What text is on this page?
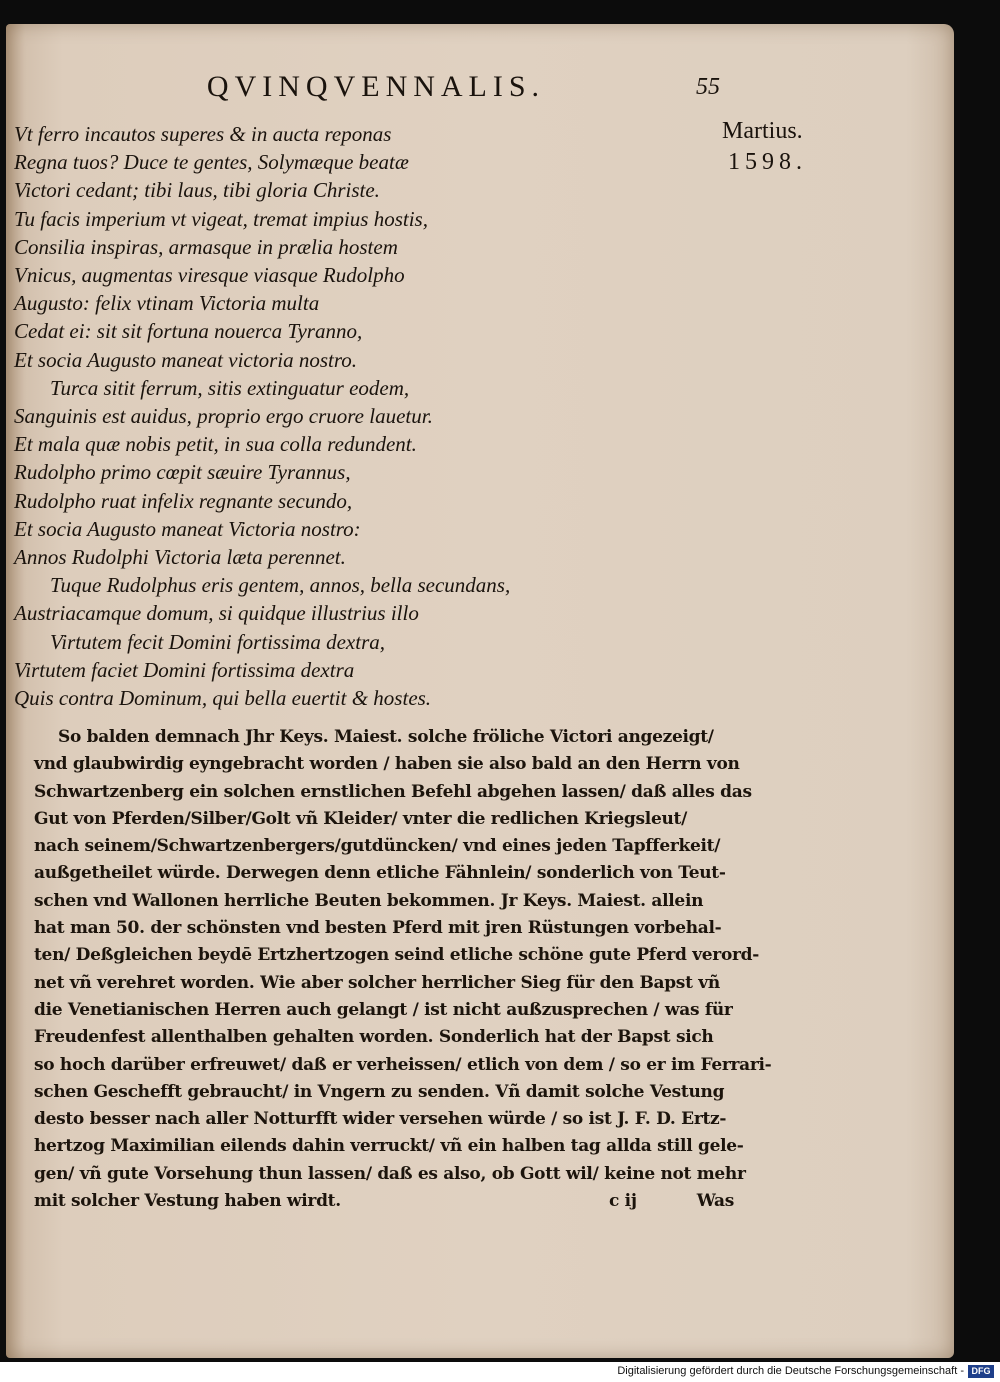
QVINQVENNALIS.	55
Martius.
1598.
Vt ferro incautos superes & in aucta reponas
Regna tuos? Duce te gentes, Solymæque beatæ
Victori cedant; tibi laus, tibi gloria Christe.
Tu facis imperium vt vigeat, tremat impius hostis,
Consilia inspiras, armasque in prælia hostem
Vnicus, augmentas viresque viasque Rudolpho
Augusto: felix vtinam Victoria multa
Cedat ei: sit sit fortuna nouerca Tyranno,
Et socia Augusto maneat victoria nostro.
Turca sitit ferrum, sitis extinguatur eodem,
Sanguinis est auidus, proprio ergo cruore lauetur.
Et mala quæ nobis petit, in sua colla redundent.
Rudolpho primo cœpit sæuire Tyrannus,
Rudolpho ruat infelix regnante secundo,
Et socia Augusto maneat Victoria nostro:
Annos Rudolphi Victoria læta perennet.
Tuque Rudolphus eris gentem, annos, bella secundans,
Austriacamque domum, si quidque illustrius illo
Virtutem fecit Domini fortissima dextra,
Virtutem faciet Domini fortissima dextra
Quis contra Dominum, qui bella euertit & hostes.
So balden demnach Jhr Keys. Maiest. solche fröliche Victori angezeigt/
vnd glaubwirdig eyngebracht worden / haben sie also bald an den Herrn von
Schwartzenberg ein solchen ernstlichen Befehl abgehen lassen/ daß alles das
Gut von Pferden/Silber/Golt vñ Kleider/ vnter die redlichen Kriegsleut/
nach seinem/Schwartzenbergers/gutdüncken/ vnd eines jeden Tapfferkeit/
außgetheilet würde. Derwegen denn etliche Fähnlein/ sonderlich von Teut-
schen vnd Wallonen herrliche Beuten bekommen. Jr Keys. Maiest. allein
hat man 50. der schönsten vnd besten Pferd mit jren Rüstungen vorbehal-
ten/ Deßgleichen beydē Ertzhertzogen seind etliche schöne gute Pferd verord-
net vñ verehret worden. Wie aber solcher herrlicher Sieg für den Bapst vñ
die Venetianischen Herren auch gelangt / ist nicht außzusprechen / was für
Freudenfest allenthalben gehalten worden. Sonderlich hat der Bapst sich
so hoch darüber erfreuwet/ daß er verheissen/ etlich von dem / so er im Ferrari-
schen Geschefft gebraucht/ in Vngern zu senden. Vñ damit solche Vestung
desto besser nach aller Notturfft wider versehen würde / so ist J. F. D. Ertz-
hertzog Maximilian eilends dahin verruckt/ vñ ein halben tag allda still gele-
gen/ vñ gute Vorsehung thun lassen/ daß es also, ob Gott wil/ keine not mehr
mit solcher Vestung haben wirdt.	c ij	Was
Digitalisierung gefördert durch die Deutsche Forschungsgemeinschaft - DFG
